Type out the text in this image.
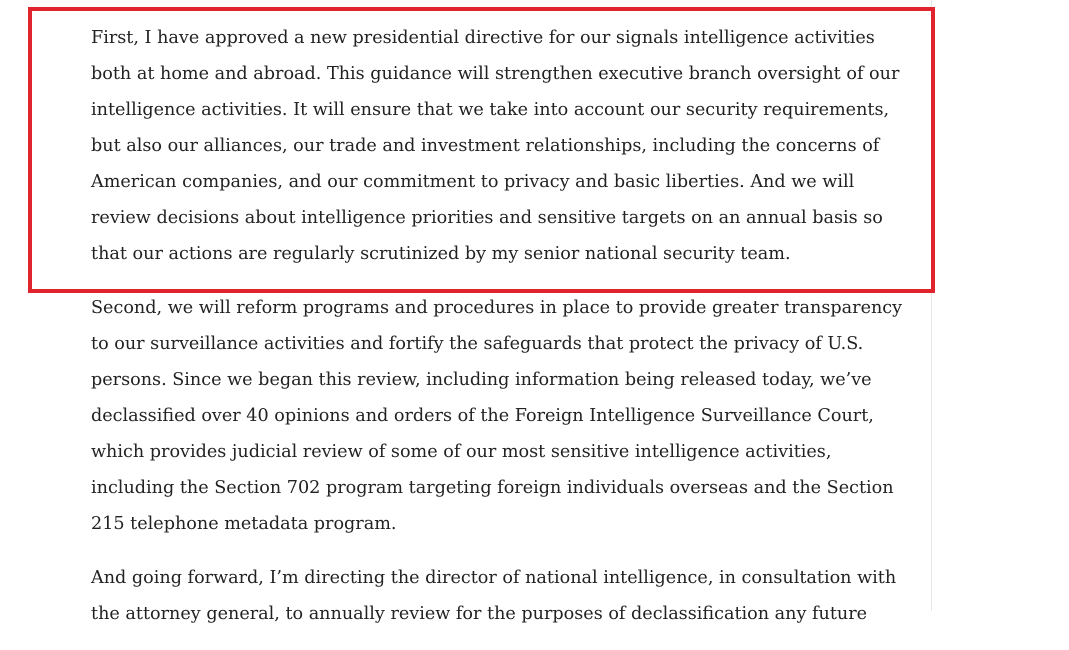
First, I have approved a new presidential directive for our signals intelligence activities
both at home and abroad. This guidance will strengthen executive branch oversight of our
intelligence activities. It will ensure that we take into account our security requirements,
but also our alliances, our trade and investment relationships, including the concerns of
American companies, and our commitment to privacy and basic liberties. And we will
review decisions about intelligence priorities and sensitive targets on an annual basis so
that our actions are regularly scrutinized by my senior national security team.

Second, we will reform programs and procedures in place to provide greater transparency
to our surveillance activities and fortify the safeguards that protect the privacy of U.S.
persons. Since we began this review, including information being released today, we’ve
declassified over 40 opinions and orders of the Foreign Intelligence Surveillance Court,
which provides judicial review of some of our most sensitive intelligence activities,
including the Section 702 program targeting foreign individuals overseas and the Section
215 telephone metadata program.

And going forward, I’m directing the director of national intelligence, in consultation with
the attorney general, to annually review for the purposes of declassification any future
